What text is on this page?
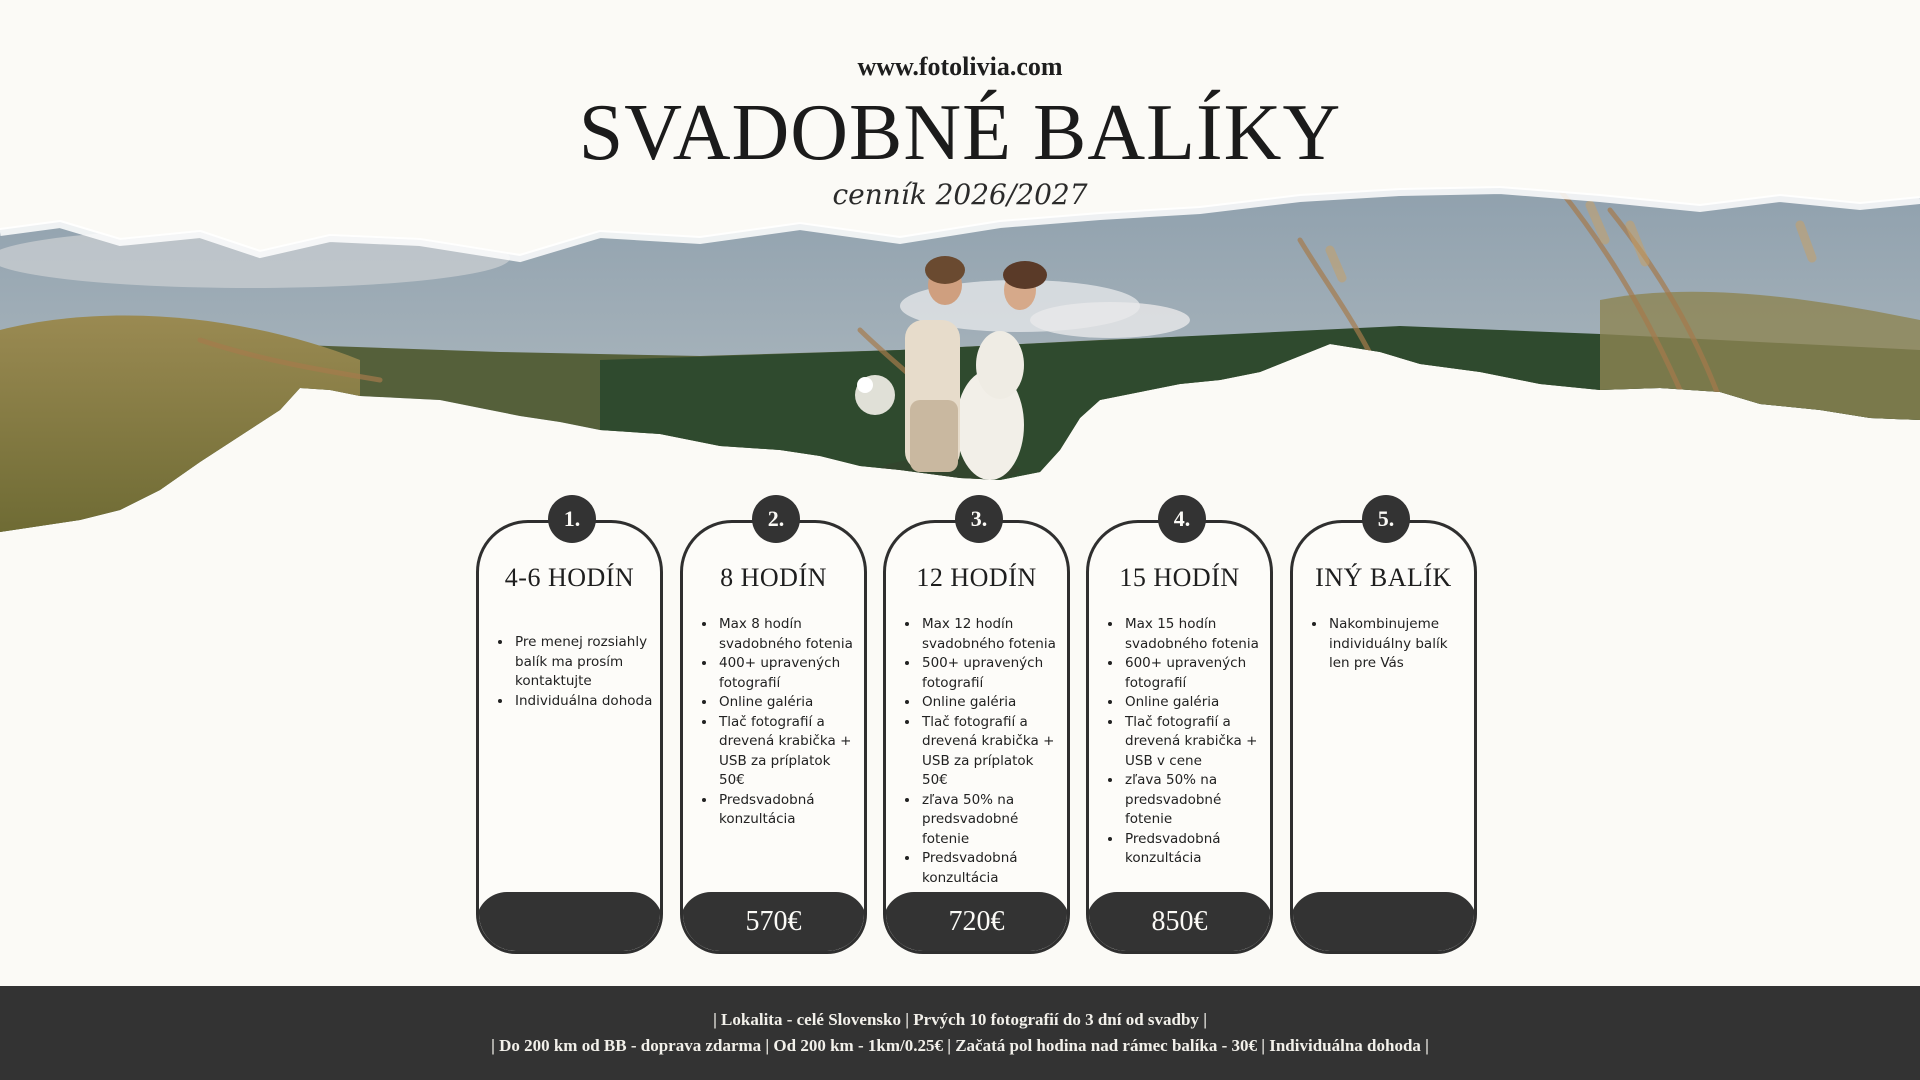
www.fotolivia.com
SVADOBNÉ BALÍKY
cenník 2026/2027
1.
4-6 HODÍN
• Pre menej rozsiahly balík ma prosím kontaktujte
• Individuálna dohoda
2.
8 HODÍN
• Max 8 hodín svadobného fotenia
• 400+ upravených fotografií
• Online galéria
• Tlač fotografií a drevená krabička + USB za príplatok 50€
• Predsvadobná konzultácia
570€
3.
12 HODÍN
• Max 12 hodín svadobného fotenia
• 500+ upravených fotografií
• Online galéria
• Tlač fotografií a drevená krabička + USB za príplatok 50€
• zľava 50% na predsvadobné fotenie
• Predsvadobná konzultácia
720€
4.
15 HODÍN
• Max 15 hodín svadobného fotenia
• 600+ upravených fotografií
• Online galéria
• Tlač fotografií a drevená krabička + USB v cene
• zľava 50% na predsvadobné fotenie
• Predsvadobná konzultácia
850€
5.
INÝ BALÍK
• Nakombinujeme individuálny balík len pre Vás
| Lokalita - celé Slovensko | Prvých 10 fotografií do 3 dní od svadby |
| Do 200 km od BB - doprava zdarma | Od 200 km - 1km/0.25€ | Začatá pol hodina nad rámec balíka - 30€ | Individuálna dohoda |
